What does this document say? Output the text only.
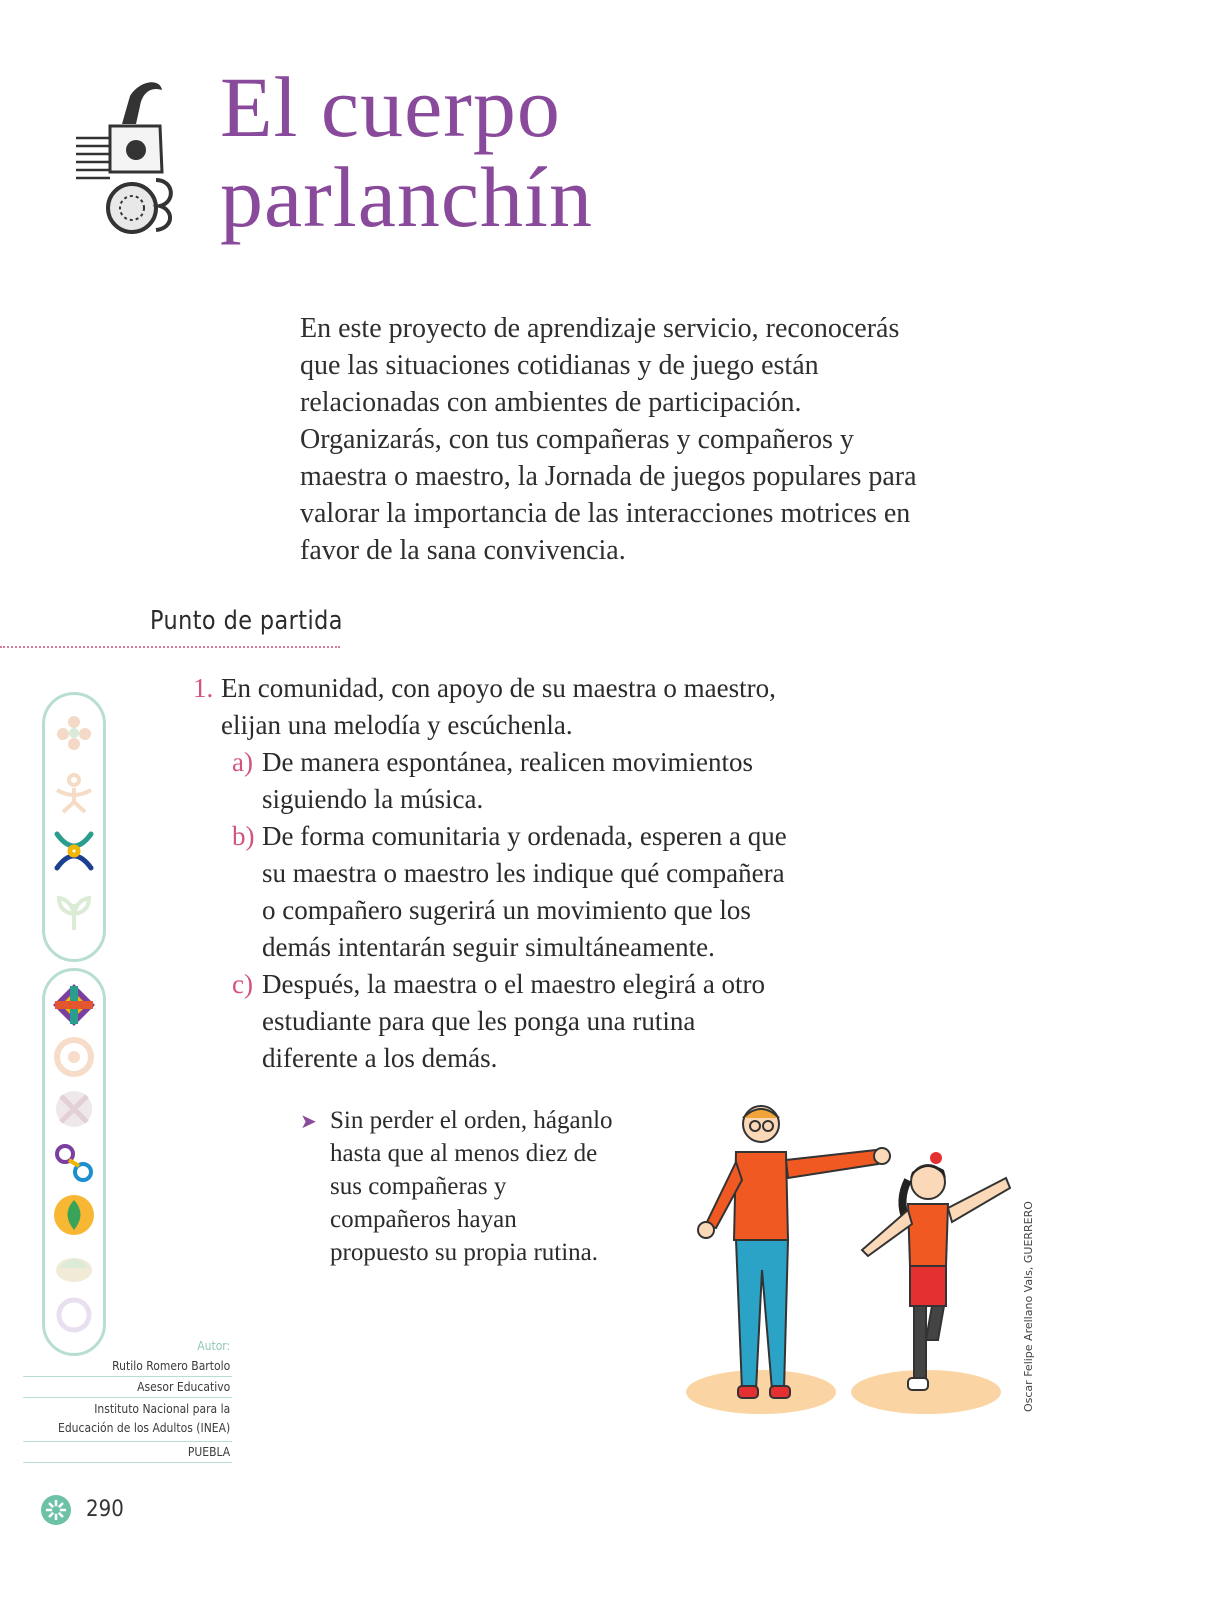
El cuerpo
parlanchín

En este proyecto de aprendizaje servicio, reconocerás que las situaciones cotidianas y de juego están relacionadas con ambientes de participación. Organizarás, con tus compañeras y compañeros y maestra o maestro, la Jornada de juegos populares para valorar la importancia de las interacciones motrices en favor de la sana convivencia.

Punto de partida
1. En comunidad, con apoyo de su maestra o maestro, elijan una melodía y escúchenla.
a) De manera espontánea, realicen movimientos siguiendo la música.
b) De forma comunitaria y ordenada, esperen a que su maestra o maestro les indique qué compañera o compañero sugerirá un movimiento que los demás intentarán seguir simultáneamente.
c) Después, la maestra o el maestro elegirá a otro estudiante para que les ponga una rutina diferente a los demás.
➤ Sin perder el orden, háganlo hasta que al menos diez de sus compañeras y compañeros hayan propuesto su propia rutina.
Autor:
Rutilo Romero Bartolo
Asesor Educativo
Instituto Nacional para la
Educación de los Adultos (INEA)
PUEBLA
290
Oscar Felipe Arellano Vals, GUERRERO
